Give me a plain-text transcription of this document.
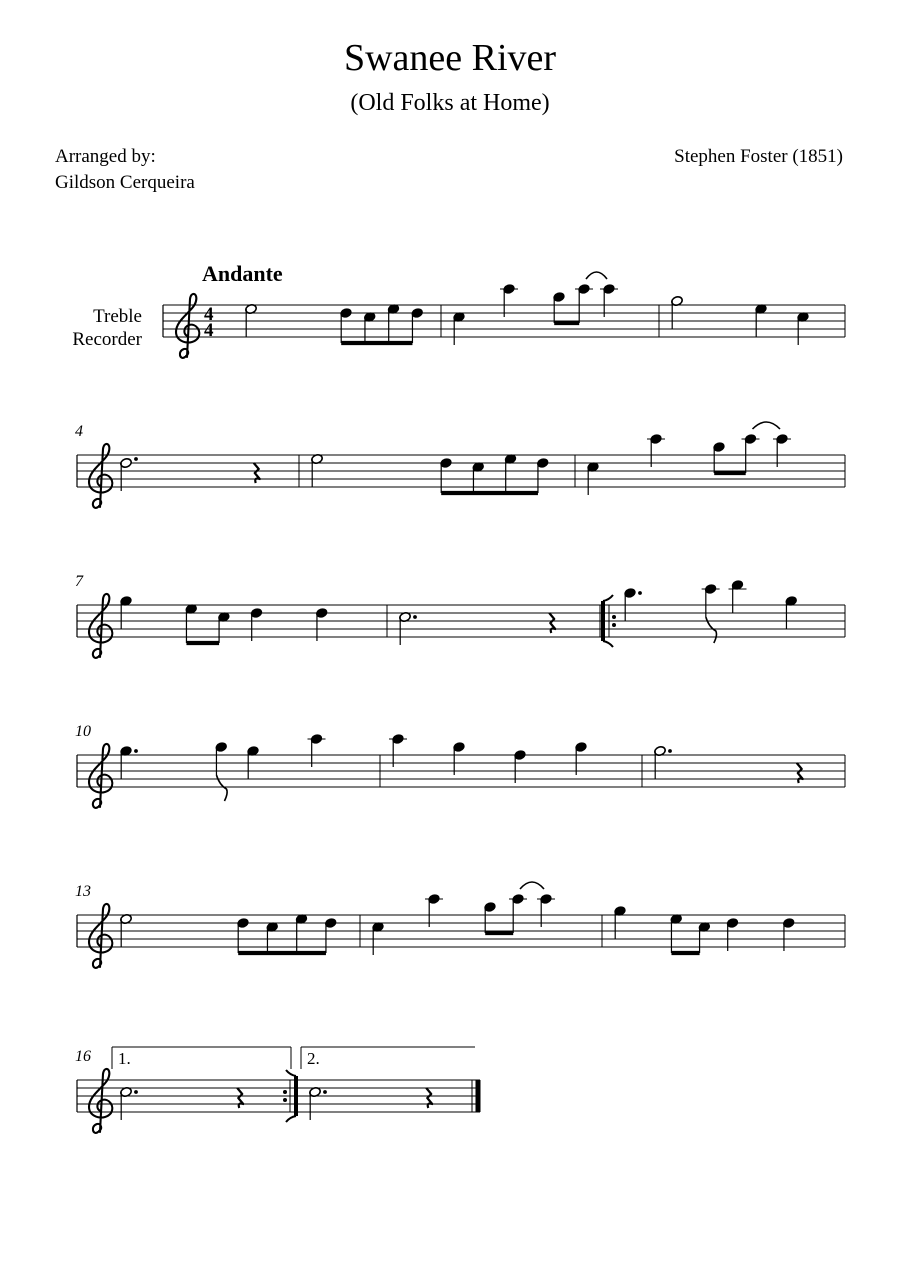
Swanee River
(Old Folks at Home)
Arranged by:
Gildson Cerqueira
Stephen Foster (1851)
Andante
Treble
Recorder
4
4
4
7
10
13
16 1.	2.
